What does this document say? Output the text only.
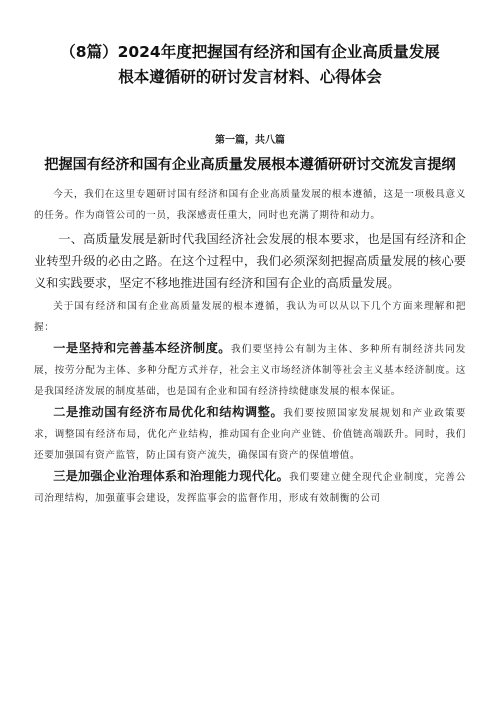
（8篇）2024年度把握国有经济和国有企业高质量发展
根本遵循研的研讨发言材料、心得体会
第一篇，共八篇
把握国有经济和国有企业高质量发展根本遵循研研讨交流发言提纲

今天，我们在这里专题研讨国有经济和国有企业高质量发展的根本遵循，这是一项极具意义的任务。作为商管公司的一员，我深感责任重大，同时也充满了期待和动力。

一、高质量发展是新时代我国经济社会发展的根本要求，也是国有经济和企业转型升级的必由之路。在这个过程中，我们必须深刻把握高质量发展的核心要义和实践要求，坚定不移地推进国有经济和国有企业的高质量发展。

关于国有经济和国有企业高质量发展的根本遵循，我认为可以从以下几个方面来理解和把握：

一是坚持和完善基本经济制度。我们要坚持公有制为主体、多种所有制经济共同发展，按劳分配为主体、多种分配方式并存，社会主义市场经济体制等社会主义基本经济制度。这是我国经济发展的制度基础，也是国有企业和国有经济持续健康发展的根本保证。

二是推动国有经济布局优化和结构调整。我们要按照国家发展规划和产业政策要求，调整国有经济布局，优化产业结构，推动国有企业向产业链、价值链高端跃升。同时，我们还要加强国有资产监管，防止国有资产流失，确保国有资产的保值增值。

三是加强企业治理体系和治理能力现代化。我们要建立健全现代企业制度，完善公司治理结构，加强董事会建设，发挥监事会的监督作用，形成有效制衡的公司
